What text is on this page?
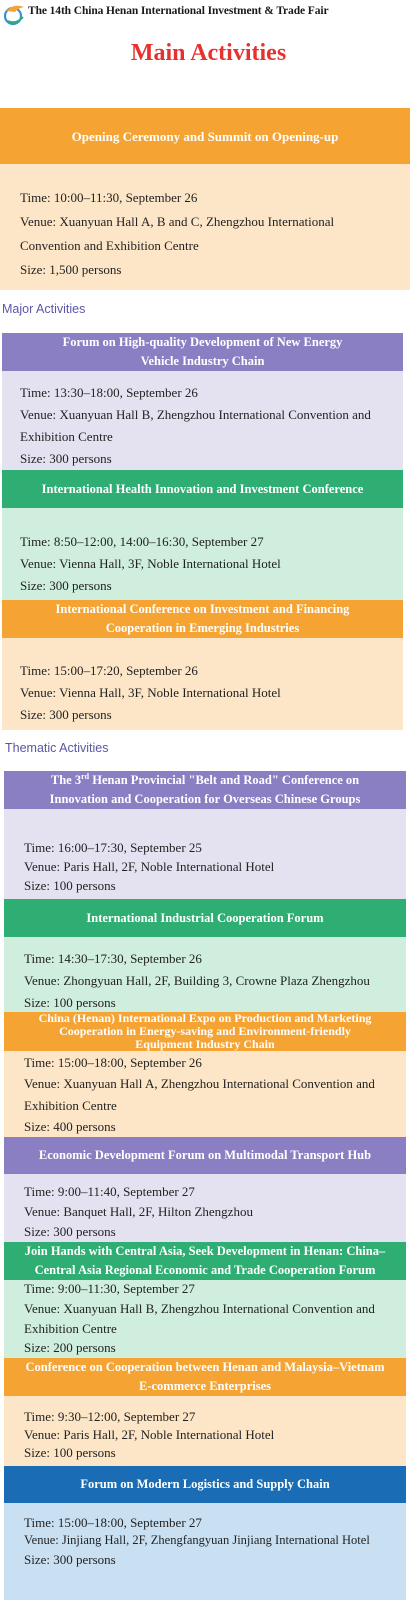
The 14th China Henan International Investment & Trade Fair
Main Activities
Opening Ceremony and Summit on Opening-up
Time: 10:00–11:30, September 26
Venue: Xuanyuan Hall A, B and C, Zhengzhou International
Convention and Exhibition Centre
Size: 1,500 persons
Major Activities
Forum on High-quality Development of New Energy
Vehicle Industry Chain
Time: 13:30–18:00, September 26
Venue: Xuanyuan Hall B, Zhengzhou International Convention and
Exhibition Centre
Size: 300 persons
International Health Innovation and Investment Conference
Time: 8:50–12:00, 14:00–16:30, September 27
Venue: Vienna Hall, 3F, Noble International Hotel
Size: 300 persons
International Conference on Investment and Financing
Cooperation in Emerging Industries
Time: 15:00–17:20, September 26
Venue: Vienna Hall, 3F, Noble International Hotel
Size: 300 persons
Thematic Activities
The 3rd Henan Provincial "Belt and Road" Conference on
Innovation and Cooperation for Overseas Chinese Groups
Time: 16:00–17:30, September 25
Venue: Paris Hall, 2F, Noble International Hotel
Size: 100 persons
International Industrial Cooperation Forum
Time: 14:30–17:30, September 26
Venue: Zhongyuan Hall, 2F, Building 3, Crowne Plaza Zhengzhou
Size: 100 persons
China (Henan) International Expo on Production and Marketing
Cooperation in Energy-saving and Environment-friendly
Equipment Industry Chain
Time: 15:00–18:00, September 26
Venue: Xuanyuan Hall A, Zhengzhou International Convention and
Exhibition Centre
Size: 400 persons
Economic Development Forum on Multimodal Transport Hub
Time: 9:00–11:40, September 27
Venue: Banquet Hall, 2F, Hilton Zhengzhou
Size: 300 persons
Join Hands with Central Asia, Seek Development in Henan: China–
Central Asia Regional Economic and Trade Cooperation Forum
Time: 9:00–11:30, September 27
Venue: Xuanyuan Hall B, Zhengzhou International Convention and
Exhibition Centre
Size: 200 persons
Conference on Cooperation between Henan and Malaysia–Vietnam
E-commerce Enterprises
Time: 9:30–12:00, September 27
Venue: Paris Hall, 2F, Noble International Hotel
Size: 100 persons
Forum on Modern Logistics and Supply Chain
Time: 15:00–18:00, September 27
Venue: Jinjiang Hall, 2F, Zhengfangyuan Jinjiang International Hotel
Size: 300 persons
